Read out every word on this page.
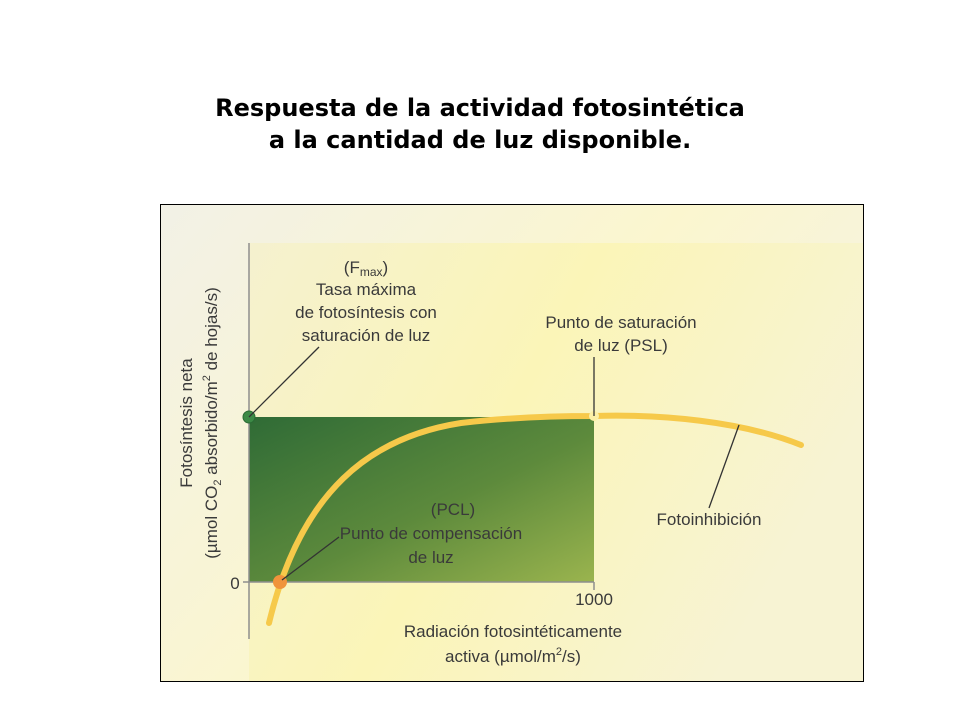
Respuesta de la actividad fotosintética
a la cantidad de luz disponible.
(Fmax)
Tasa máxima
de fotosíntesis con
saturación de luz
Punto de saturación
de luz (PSL)
(PCL)
Punto de compensación
de luz
Fotoinhibición
0
1000
Radiación fotosintéticamente
activa $(\mu mol/m^2/s)$
Fotosíntesis neta
(µmol $CO_2$ absorbido/$m^2$ de hojas/s)
